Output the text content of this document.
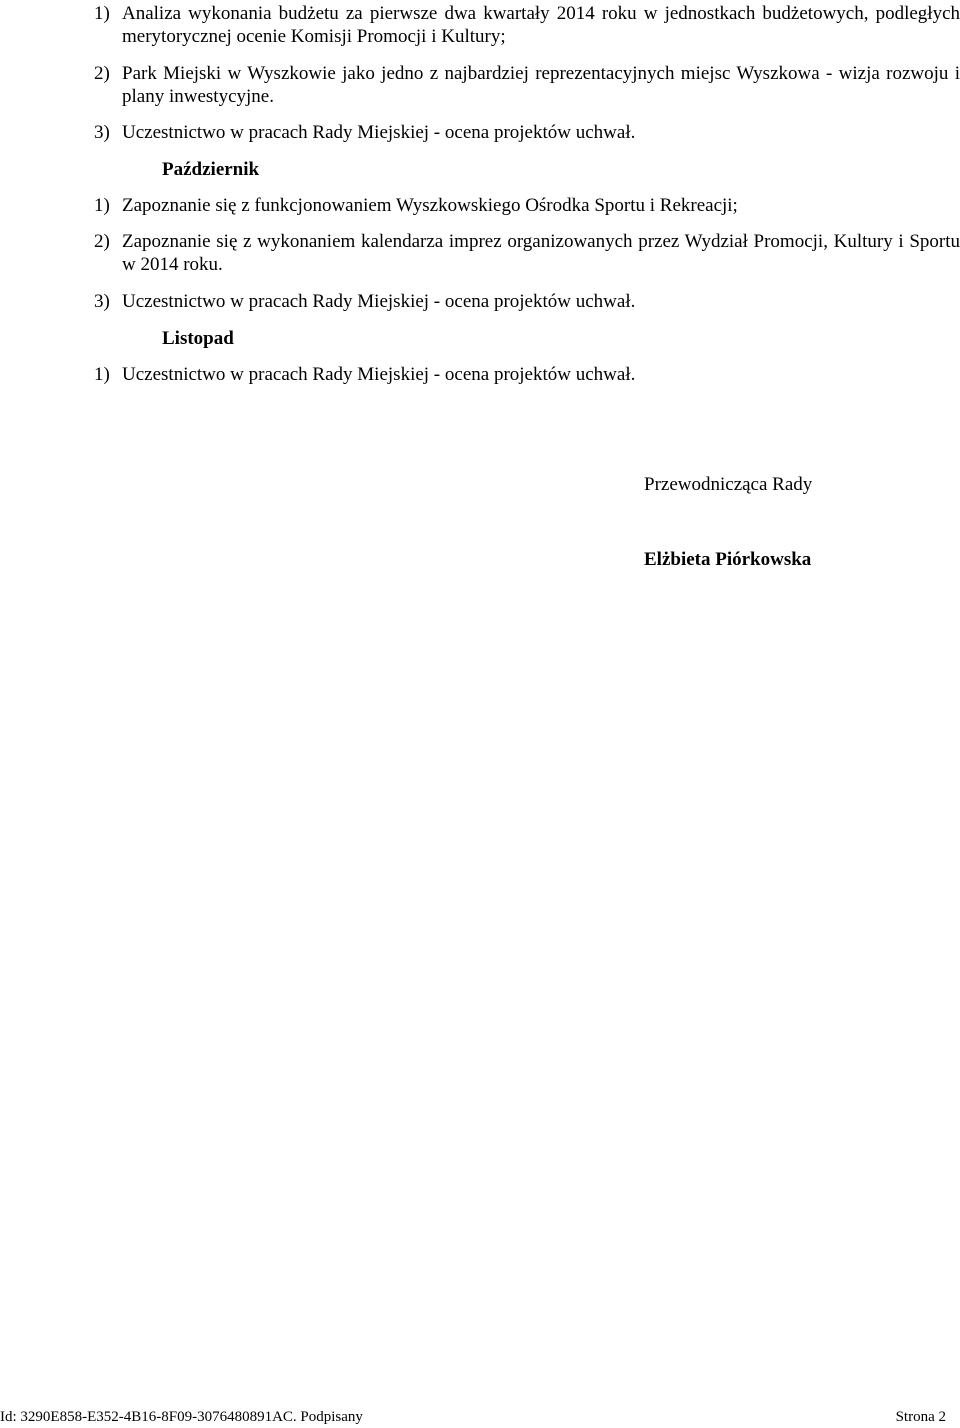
1) Analiza wykonania budżetu za pierwsze dwa kwartały 2014 roku w jednostkach budżetowych, podległych merytorycznej ocenie Komisji Promocji i Kultury;
2) Park Miejski w Wyszkowie jako jedno z najbardziej reprezentacyjnych miejsc Wyszkowa - wizja rozwoju i plany inwestycyjne.
3) Uczestnictwo w pracach Rady Miejskiej - ocena projektów uchwał.
Październik
1) Zapoznanie się z funkcjonowaniem Wyszkowskiego Ośrodka Sportu i Rekreacji;
2) Zapoznanie się z wykonaniem kalendarza imprez organizowanych przez Wydział Promocji, Kultury i Sportu w 2014 roku.
3) Uczestnictwo w pracach Rady Miejskiej - ocena projektów uchwał.
Listopad
1) Uczestnictwo w pracach Rady Miejskiej - ocena projektów uchwał.
Przewodnicząca Rady
Elżbieta Piórkowska
Id: 3290E858-E352-4B16-8F09-3076480891AC. Podpisany	Strona 2
